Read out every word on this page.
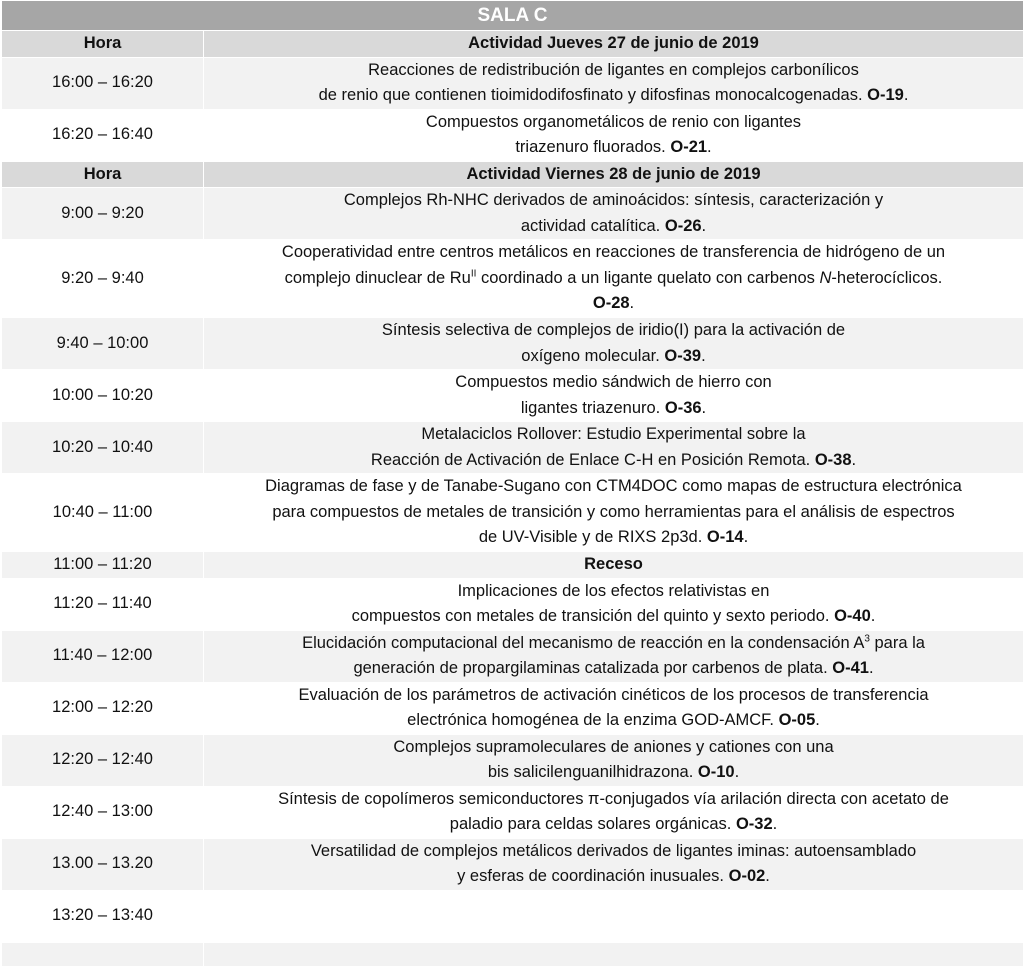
SALA C	
Hora	Actividad Jueves 27 de junio de 2019
16:00 – 16:20	Reacciones de redistribución de ligantes en complejos carbonílicos
de renio que contienen tioimidodifosfinato y difosfinas monocalcogenadas. O-19.

16:20 – 16:40	Compuestos organometálicos de renio con ligantes
triazenuro fluorados. O-21.

Hora	Actividad Viernes 28 de junio de 2019
9:00 – 9:20	Complejos Rh-NHC derivados de aminoácidos: síntesis, caracterización y
actividad catalítica. O-26.

9:20 – 9:40	Cooperatividad entre centros metálicos en reacciones de transferencia de hidrógeno de un
complejo dinuclear de $Ru^{II}$ coordinado a un ligante quelato con carbenos N-heterocíclicos.
O-28.

9:40 – 10:00	Síntesis selectiva de complejos de iridio(I) para la activación de
oxígeno molecular. O-39.

10:00 – 10:20	Compuestos medio sándwich de hierro con
ligantes triazenuro. O-36.

10:20 – 10:40	Metalaciclos Rollover: Estudio Experimental sobre la
Reacción de Activación de Enlace C-H en Posición Remota. O-38.

10:40 – 11:00	Diagramas de fase y de Tanabe-Sugano con CTM4DOC como mapas de estructura electrónica
para compuestos de metales de transición y como herramientas para el análisis de espectros
de UV-Visible y de RIXS 2p3d. O-14.

11:00 – 11:20	Receso
11:20 – 11:40	Implicaciones de los efectos relativistas en
compuestos con metales de transición del quinto y sexto periodo. O-40.

11:40 – 12:00	Elucidación computacional del mecanismo de reacción en la condensación $A^3$ para la
generación de propargilaminas catalizada por carbenos de plata. O-41.

12:00 – 12:20	Evaluación de los parámetros de activación cinéticos de los procesos de transferencia
electrónica homogénea de la enzima GOD-AMCF. O-05.

12:20 – 12:40	Complejos supramoleculares de aniones y cationes con una
bis salicilenguanilhidrazona. O-10.

12:40 – 13:00	Síntesis de copolímeros semiconductores π-conjugados vía arilación directa con acetato de
paladio para celdas solares orgánicas. O-32.

13.00 – 13.20	Versatilidad de complejos metálicos derivados de ligantes iminas: autoensamblado
y esferas de coordinación inusuales. O-02.

13:20 – 13:40	
